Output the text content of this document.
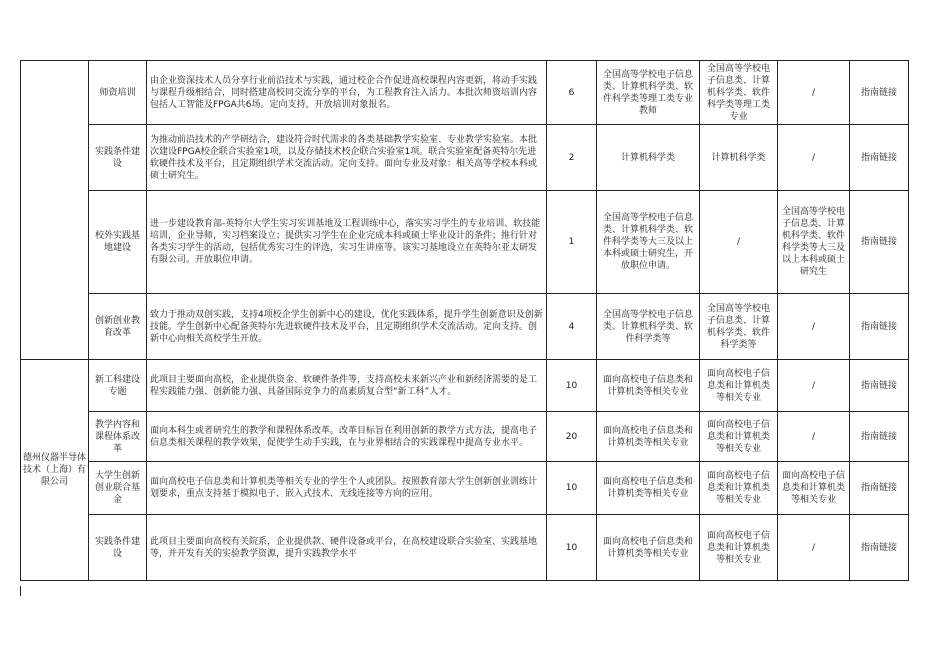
	师资培训	由企业资深技术人员分享行业前沿技术与实践，通过校企合作促进高校课程内容更新，将动手实践与课程升级相结合，同时搭建高校同交流分享的平台，为工程教育注入活力。本批次师资培训内容包括人工智能及FPGA共6场。定向支持，开放培训对象报名。	6	全国高等学校电子信息类、计算机科学类、软件科学类等理工类专业教师	全国高等学校电子信息类、计算机科学类、软件科学类等理工类专业	/	指南链接
	实践条件建设	为推动前沿技术的产学研结合，建设符合时代需求的各类基础教学实验室、专业教学实验室。本批次建设FPGA校企联合实验室1项，以及存储技术校企联合实验室1项。联合实验室配备英特尔先进软硬件技术及平台，且定期组织学术交流活动。定向支持。面向专业及对象：相关高等学校本科或硕士研究生。	2	计算机科学类	计算机科学类	/	指南链接
	校外实践基地建设	进一步建设教育部-英特尔大学生实习实训基地及工程训练中心，落实实习学生的专业培训、软技能培训，企业导师，实习档案设立；提供实习学生在企业完成本科或硕士毕业设计的条件；推行针对各类实习学生的活动，包括优秀实习生的评选，实习生讲座等。该实习基地设立在英特尔亚太研发有限公司。开放职位申请。	1	全国高等学校电子信息类、计算机科学类、软件科学类等大三及以上本科或硕士研究生，开放职位申请。	/	全国高等学校电子信息类、计算机科学类、软件科学类等大三及以上本科或硕士研究生	指南链接
	创新创业教育改革	致力于推动双创实践，支持4项校企学生创新中心的建设，优化实践体系，提升学生创新意识及创新技能。学生创新中心配备英特尔先进软硬件技术及平台，且定期组织学术交流活动。定向支持。创新中心向相关高校学生开放。	4	全国高等学校电子信息类、计算机科学类、软件科学类等	全国高等学校电子信息类、计算机科学类、软件科学类等	/	指南链接
德州仪器半导体技术（上海）有限公司	新工科建设专题	此项目主要面向高校，企业提供资金、软硬件条件等，支持高校未来新兴产业和新经济需要的是工程实践能力强、创新能力强、具备国际竞争力的高素质复合型“新工科”人才。	10	面向高校电子信息类和计算机类等相关专业	面向高校电子信息类和计算机类等相关专业	/	指南链接
	教学内容和课程体系改革	面向本科生或者研究生的教学和课程体系改革。改革目标旨在利用创新的教学方式方法，提高电子信息类相关课程的教学效果，促使学生动手实践，在与业界相结合的实践课程中提高专业水平。	20	面向高校电子信息类和计算机类等相关专业	面向高校电子信息类和计算机类等相关专业	/	指南链接
	大学生创新创业联合基金	面向高校电子信息类和计算机类等相关专业的学生个人或团队。按照教育部大学生创新创业训练计划要求，重点支持基于模拟电子、嵌入式技术、无线连接等方向的应用。	10	面向高校电子信息类和计算机类等相关专业	面向高校电子信息类和计算机类等相关专业	面向高校电子信息类和计算机类等相关专业	指南链接
	实践条件建设	此项目主要面向高校有关院系，企业提供款、硬件设备或平台，在高校建设联合实验室、实践基地等，并开发有关的实验教学资源，提升实践教学水平	10	面向高校电子信息类和计算机类等相关专业	面向高校电子信息类和计算机类等相关专业	/	指南链接
